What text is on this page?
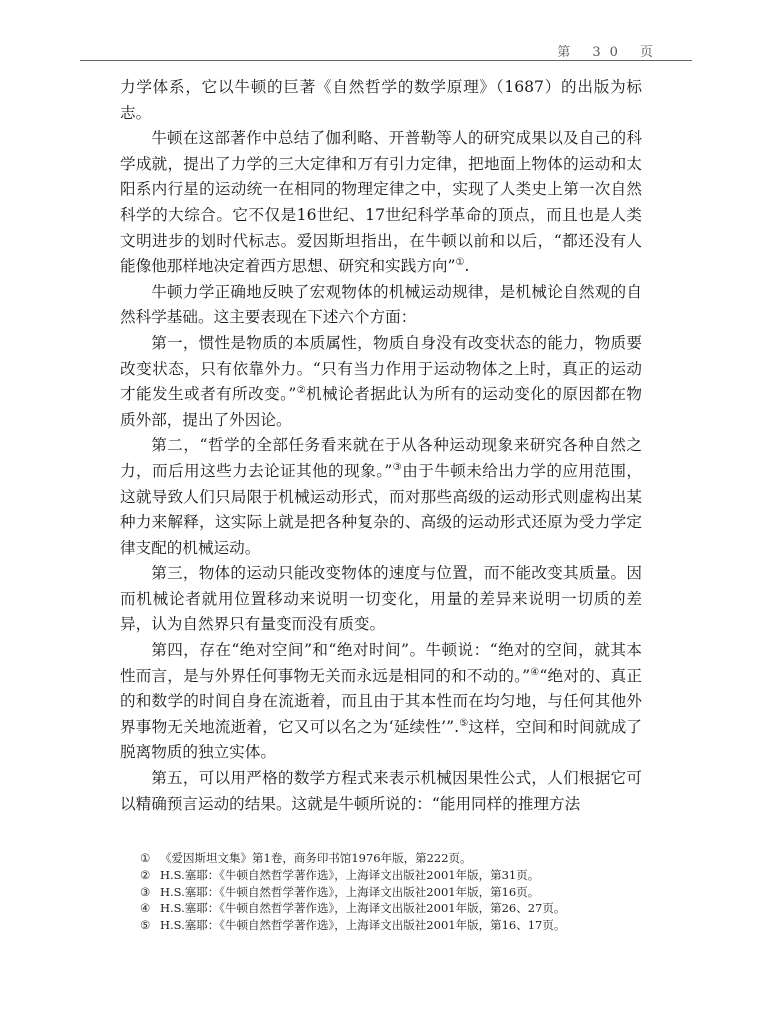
第 30 页

力学体系，它以牛顿的巨著《自然哲学的数学原理》（1687）的出版为标志。

牛顿在这部著作中总结了伽利略、开普勒等人的研究成果以及自己的科学成就，提出了力学的三大定律和万有引力定律，把地面上物体的运动和太阳系内行星的运动统一在相同的物理定律之中，实现了人类史上第一次自然科学的大综合。它不仅是16世纪、17世纪科学革命的顶点，而且也是人类文明进步的划时代标志。爱因斯坦指出，在牛顿以前和以后，“都还没有人能像他那样地决定着西方思想、研究和实践方向”①.

牛顿力学正确地反映了宏观物体的机械运动规律，是机械论自然观的自然科学基础。这主要表现在下述六个方面：

第一，惯性是物质的本质属性，物质自身没有改变状态的能力，物质要改变状态，只有依靠外力。“只有当力作用于运动物体之上时，真正的运动才能发生或者有所改变。”②机械论者据此认为所有的运动变化的原因都在物质外部，提出了外因论。

第二，“哲学的全部任务看来就在于从各种运动现象来研究各种自然之力，而后用这些力去论证其他的现象。”③由于牛顿未给出力学的应用范围，这就导致人们只局限于机械运动形式，而对那些高级的运动形式则虚构出某种力来解释，这实际上就是把各种复杂的、高级的运动形式还原为受力学定律支配的机械运动。

第三，物体的运动只能改变物体的速度与位置，而不能改变其质量。因而机械论者就用位置移动来说明一切变化，用量的差异来说明一切质的差异，认为自然界只有量变而没有质变。

第四，存在“绝对空间”和“绝对时间”。牛顿说：“绝对的空间，就其本性而言，是与外界任何事物无关而永远是相同的和不动的。”④“绝对的、真正的和数学的时间自身在流逝着，而且由于其本性而在均匀地，与任何其他外界事物无关地流逝着，它又可以名之为‘延续性’”.⑤这样，空间和时间就成了脱离物质的独立实体。

第五，可以用严格的数学方程式来表示机械因果性公式，人们根据它可以精确预言运动的结果。这就是牛顿所说的：“能用同样的推理方法

① 《爱因斯坦文集》第1卷，商务印书馆1976年版，第222页。
② H.S.塞耶：《牛顿自然哲学著作选》，上海译文出版社2001年版，第31页。
③ H.S.塞耶：《牛顿自然哲学著作选》，上海译文出版社2001年版，第16页。
④ H.S.塞耶：《牛顿自然哲学著作选》，上海译文出版社2001年版，第26、27页。
⑤ H.S.塞耶：《牛顿自然哲学著作选》，上海译文出版社2001年版，第16、17页。
